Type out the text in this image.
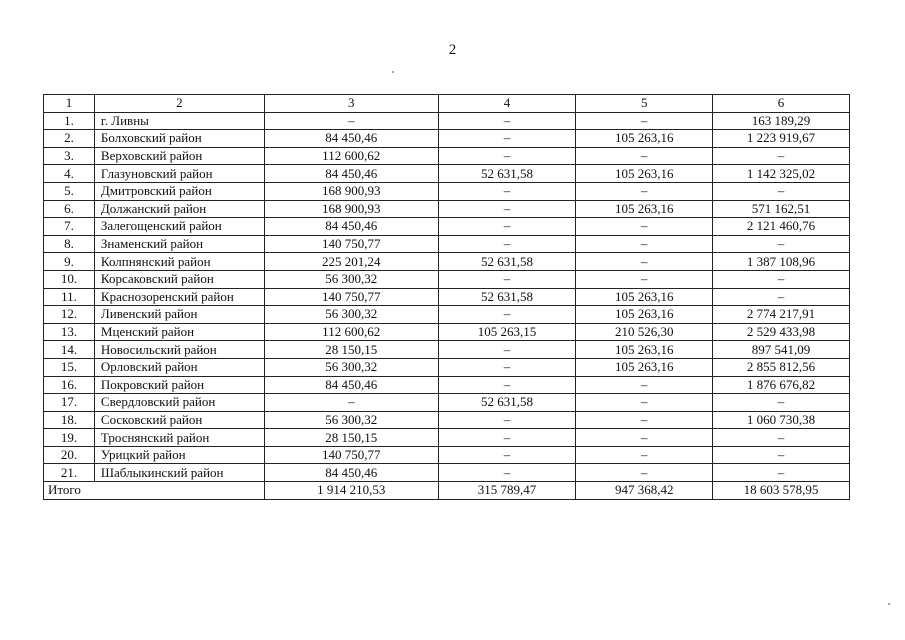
2
1	2	3	4	5	6
1.	г. Ливны	–	–	–	163 189,29
2.	Болховский район	84 450,46	–	105 263,16	1 223 919,67
3.	Верховский район	112 600,62	–	–	–
4.	Глазуновский район	84 450,46	52 631,58	105 263,16	1 142 325,02
5.	Дмитровский район	168 900,93	–	–	–
6.	Должанский район	168 900,93	–	105 263,16	571 162,51
7.	Залегощенский район	84 450,46	–	–	2 121 460,76
8.	Знаменский район	140 750,77	–	–	–
9.	Колпнянский район	225 201,24	52 631,58	–	1 387 108,96
10.	Корсаковский район	56 300,32	–	–	–
11.	Краснозоренский район	140 750,77	52 631,58	105 263,16	–
12.	Ливенский район	56 300,32	–	105 263,16	2 774 217,91
13.	Мценский район	112 600,62	105 263,15	210 526,30	2 529 433,98
14.	Новосильский район	28 150,15	–	105 263,16	897 541,09
15.	Орловский район	56 300,32	–	105 263,16	2 855 812,56
16.	Покровский район	84 450,46	–	–	1 876 676,82
17.	Свердловский район	–	52 631,58	–	–
18.	Сосковский район	56 300,32	–	–	1 060 730,38
19.	Троснянский район	28 150,15	–	–	–
20.	Урицкий район	140 750,77	–	–	–
21.	Шаблыкинский район	84 450,46	–	–	–
Итого		1 914 210,53	315 789,47	947 368,42	18 603 578,95
